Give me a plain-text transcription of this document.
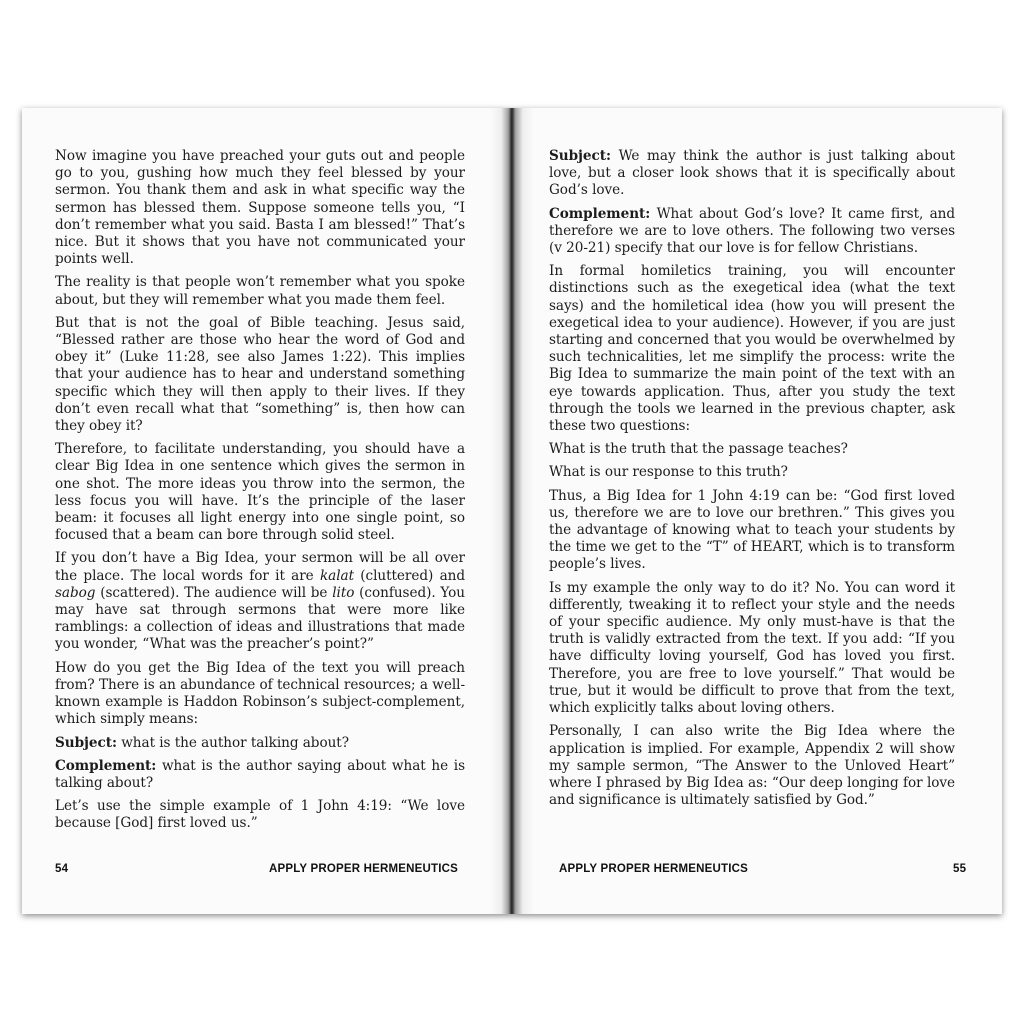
Now imagine you have preached your guts out and people go to you, gushing how much they feel blessed by your sermon. You thank them and ask in what specific way the sermon has blessed them. Suppose someone tells you, “I don’t remember what you said. Basta I am blessed!” That’s nice. But it shows that you have not communicated your points well.

The reality is that people won’t remember what you spoke about, but they will remember what you made them feel.

But that is not the goal of Bible teaching. Jesus said, “Blessed rather are those who hear the word of God and obey it” (Luke 11:28, see also James 1:22). This implies that your audience has to hear and understand something specific which they will then apply to their lives. If they don’t even recall what that “something” is, then how can they obey it?

Therefore, to facilitate understanding, you should have a clear Big Idea in one sentence which gives the sermon in one shot. The more ideas you throw into the sermon, the less focus you will have. It’s the principle of the laser beam: it focuses all light energy into one single point, so focused that a beam can bore through solid steel.

If you don’t have a Big Idea, your sermon will be all over the place. The local words for it are kalat (cluttered) and sabog (scattered). The audience will be lito (confused). You may have sat through sermons that were more like ramblings: a collection of ideas and illustrations that made you wonder, “What was the preacher’s point?”

How do you get the Big Idea of the text you will preach from? There is an abundance of technical resources; a well-known example is Haddon Robinson’s subject-complement, which simply means:

Subject: what is the author talking about?

Complement: what is the author saying about what he is talking about?

Let’s use the simple example of 1 John 4:19: “We love because [God] first loved us.”

54	APPLY PROPER HERMENEUTICS

Subject: We may think the author is just talking about love, but a closer look shows that it is specifically about God’s love.

Complement: What about God’s love? It came first, and therefore we are to love others. The following two verses (v 20-21) specify that our love is for fellow Christians.

In formal homiletics training, you will encounter distinctions such as the exegetical idea (what the text says) and the homiletical idea (how you will present the exegetical idea to your audience). However, if you are just starting and concerned that you would be overwhelmed by such technicalities, let me simplify the process: write the Big Idea to summarize the main point of the text with an eye towards application. Thus, after you study the text through the tools we learned in the previous chapter, ask these two questions:

What is the truth that the passage teaches?

What is our response to this truth?

Thus, a Big Idea for 1 John 4:19 can be: “God first loved us, therefore we are to love our brethren.” This gives you the advantage of knowing what to teach your students by the time we get to the “T” of HEART, which is to transform people’s lives.

Is my example the only way to do it? No. You can word it differently, tweaking it to reflect your style and the needs of your specific audience. My only must-have is that the truth is validly extracted from the text. If you add: “If you have difficulty loving yourself, God has loved you first. Therefore, you are free to love yourself.” That would be true, but it would be difficult to prove that from the text, which explicitly talks about loving others.

Personally, I can also write the Big Idea where the application is implied. For example, Appendix 2 will show my sample sermon, “The Answer to the Unloved Heart” where I phrased by Big Idea as: “Our deep longing for love and significance is ultimately satisfied by God.”

APPLY PROPER HERMENEUTICS	55
